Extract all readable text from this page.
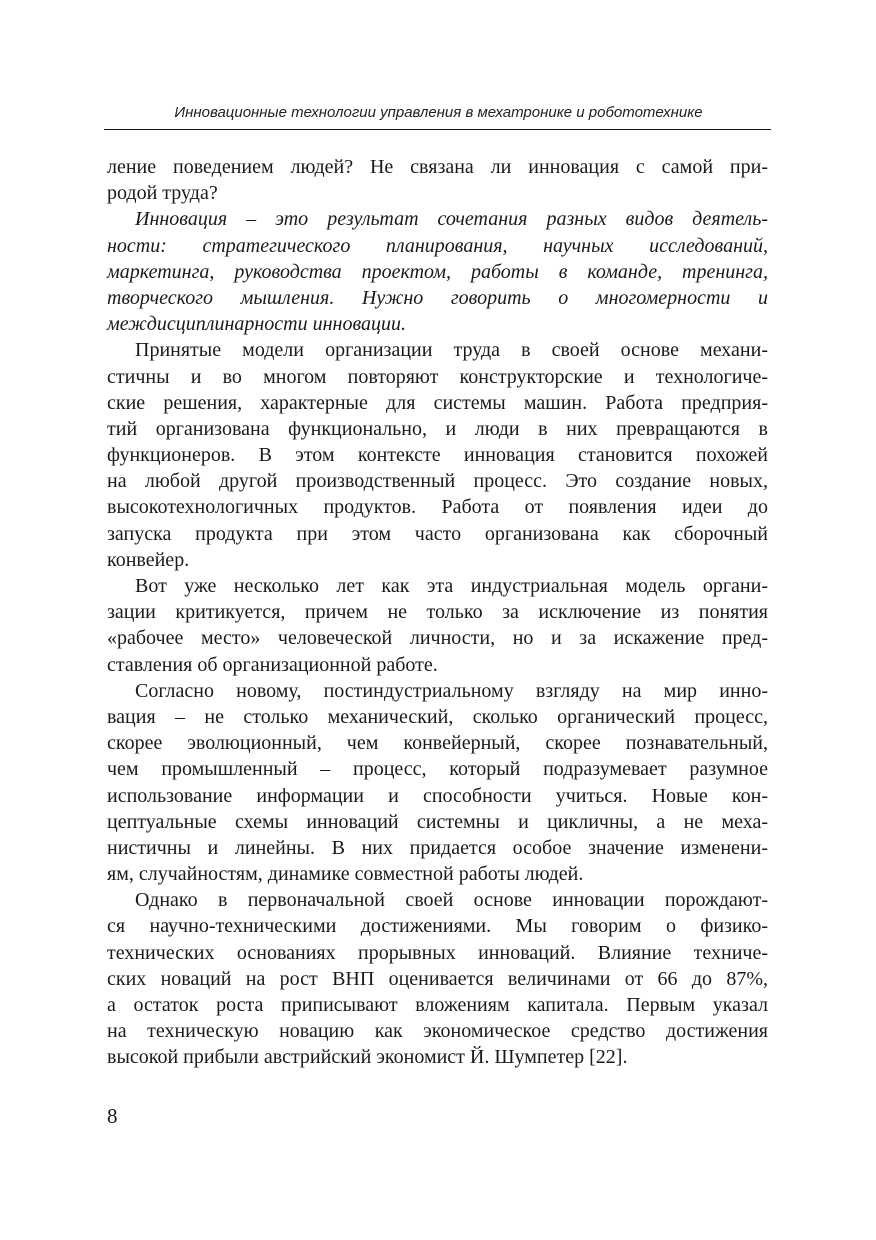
Инновационные технологии управления в мехатронике и робототехнике
ление поведением людей? Не связана ли инновация с самой при-
родой труда?
Инновация – это результат сочетания разных видов деятель-
ности: стратегического планирования, научных исследований,
маркетинга, руководства проектом, работы в команде, тренинга,
творческого мышления. Нужно говорить о многомерности и
междисциплинарности инновации.
Принятые модели организации труда в своей основе механи-
стичны и во многом повторяют конструкторские и технологиче-
ские решения, характерные для системы машин. Работа предприя-
тий организована функционально, и люди в них превращаются в
функционеров. В этом контексте инновация становится похожей
на любой другой производственный процесс. Это создание новых,
высокотехнологичных продуктов. Работа от появления идеи до
запуска продукта при этом часто организована как сборочный
конвейер.
Вот уже несколько лет как эта индустриальная модель органи-
зации критикуется, причем не только за исключение из понятия
«рабочее место» человеческой личности, но и за искажение пред-
ставления об организационной работе.
Согласно новому, постиндустриальному взгляду на мир инно-
вация – не столько механический, сколько органический процесс,
скорее эволюционный, чем конвейерный, скорее познавательный,
чем промышленный – процесс, который подразумевает разумное
использование информации и способности учиться. Новые кон-
цептуальные схемы инноваций системны и цикличны, а не меха-
нистичны и линейны. В них придается особое значение изменени-
ям, случайностям, динамике совместной работы людей.
Однако в первоначальной своей основе инновации порождают-
ся научно-техническими достижениями. Мы говорим о физико-
технических основаниях прорывных инноваций. Влияние техниче-
ских новаций на рост ВНП оценивается величинами от 66 до 87%,
а остаток роста приписывают вложениям капитала. Первым указал
на техническую новацию как экономическое средство достижения
высокой прибыли австрийский экономист Й. Шумпетер [22].
8
